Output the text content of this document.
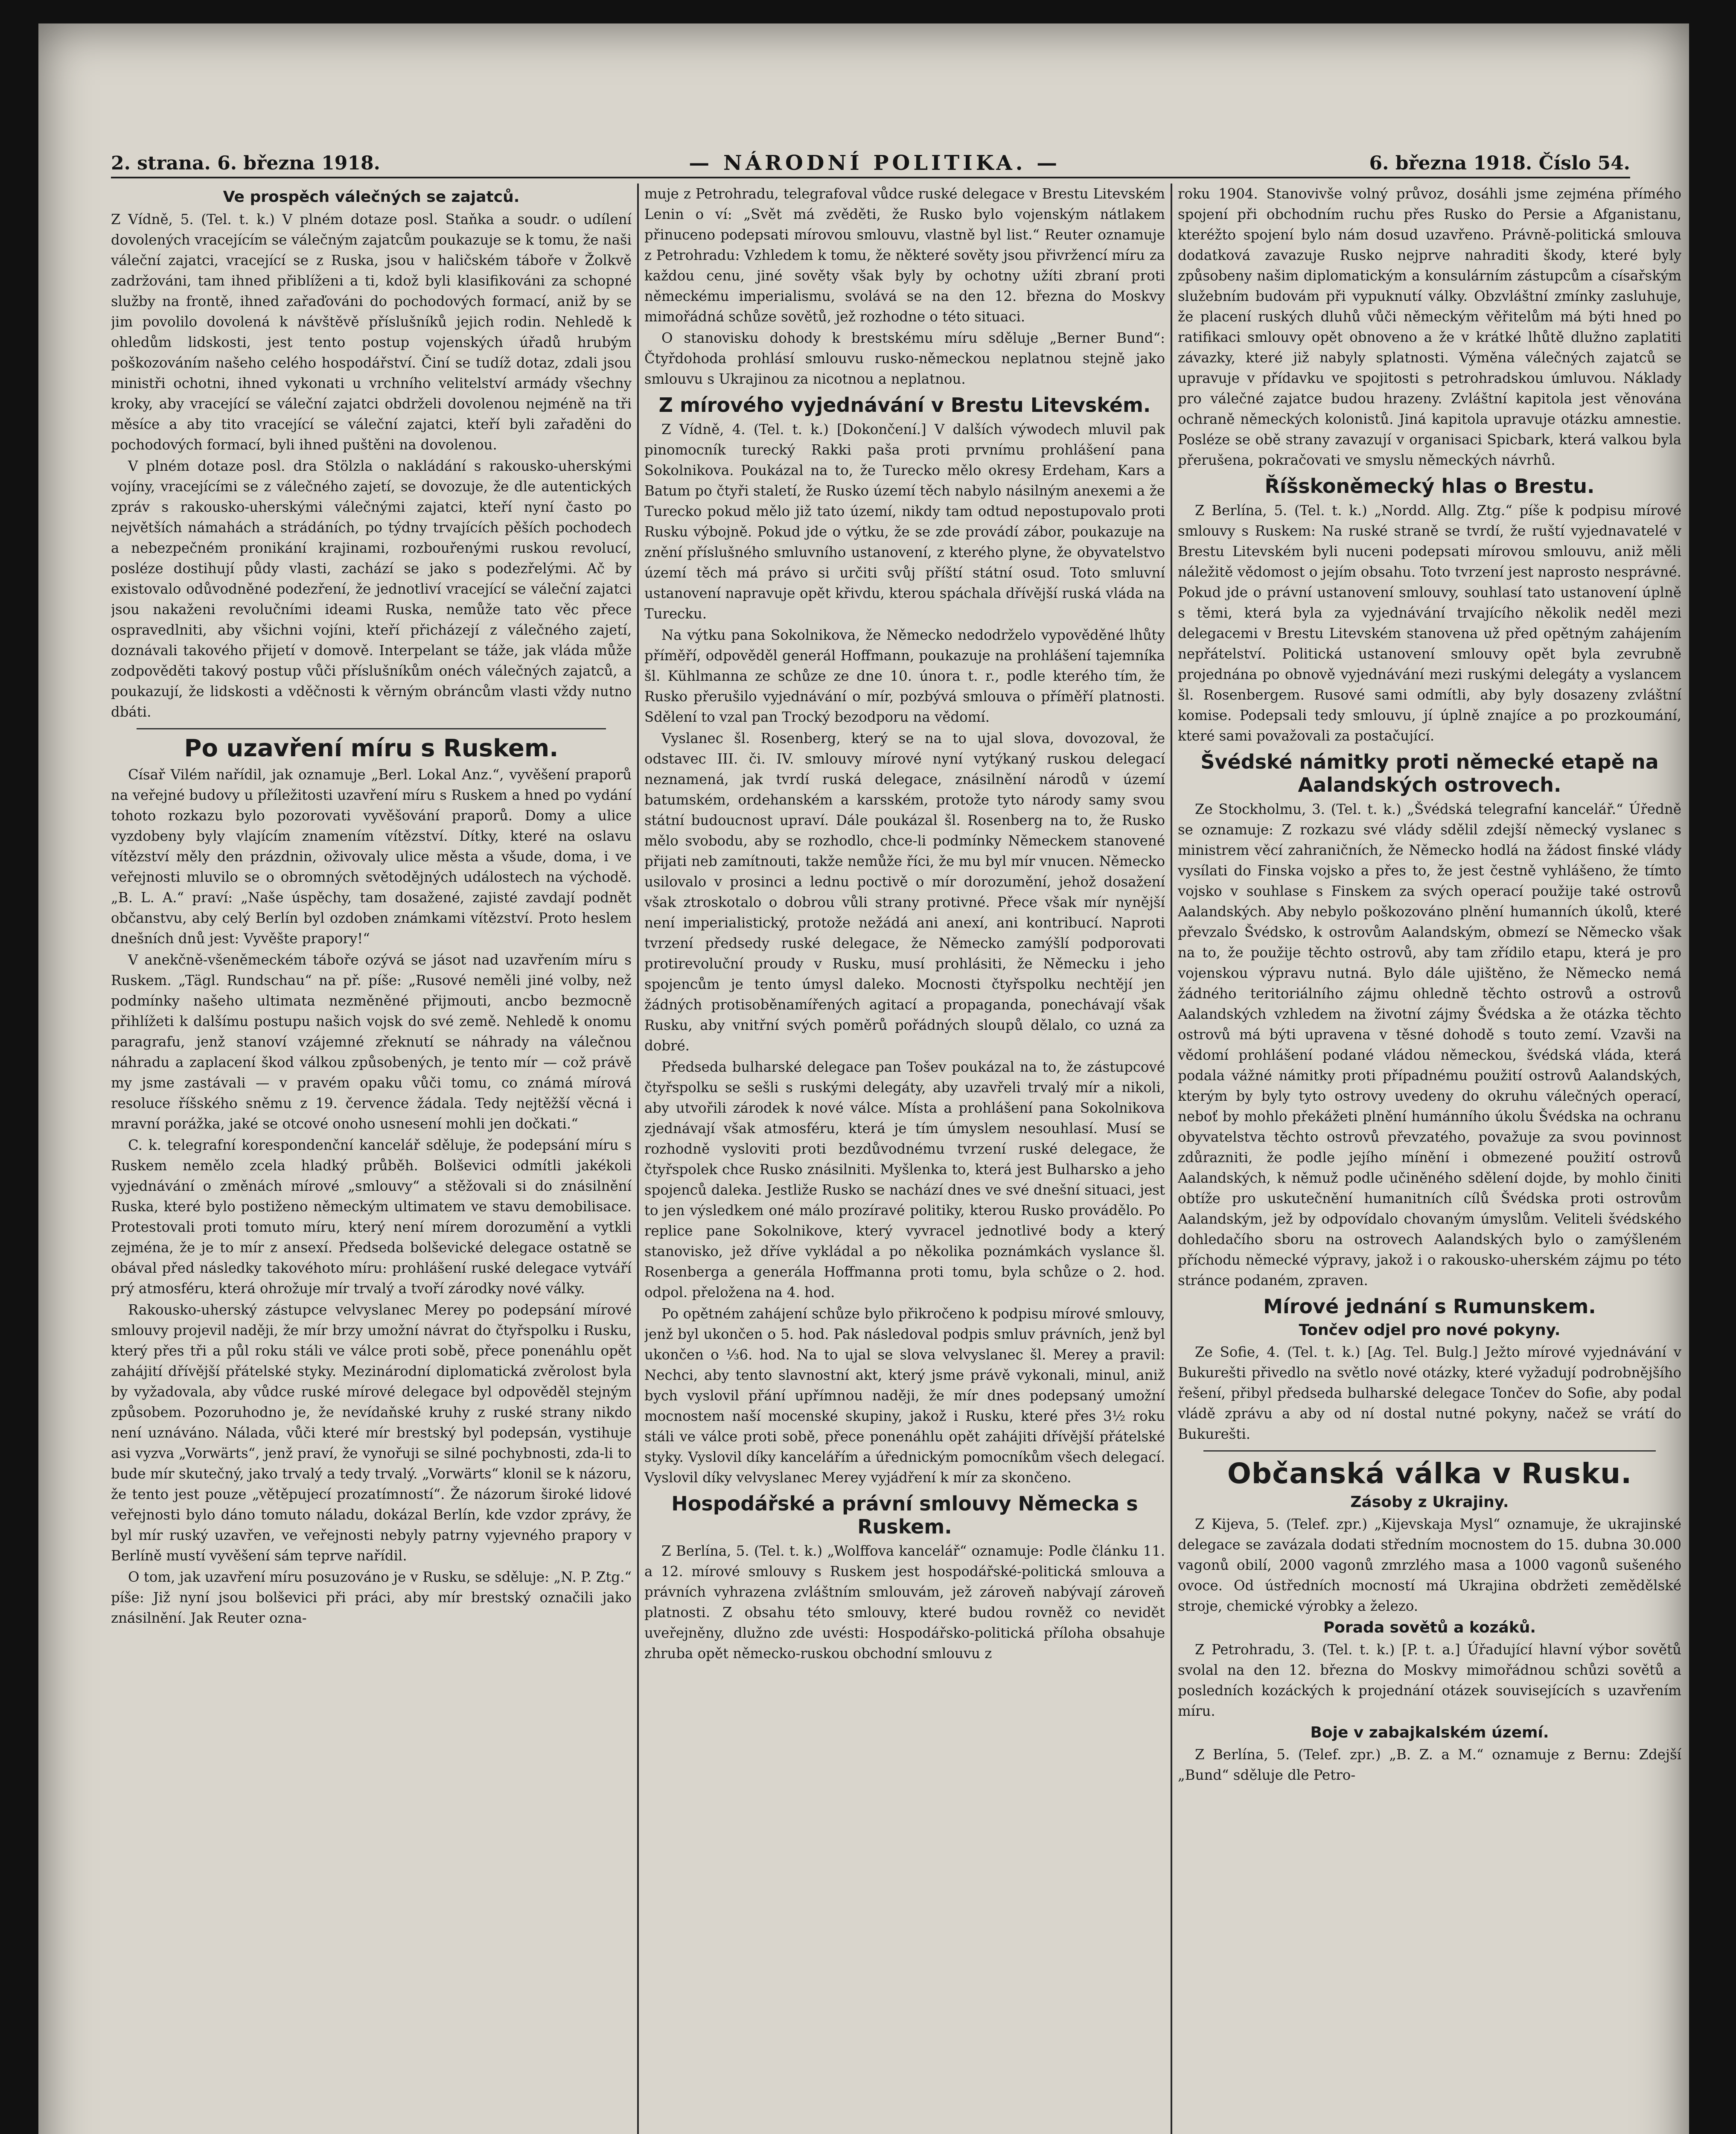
2. strana. 6. března 1918.	— NÁRODNÍ POLITIKA. —	6. března 1918. Číslo 54.
Ve prospěch válečných se zajatců.

Z Vídně, 5. (Tel. t. k.) V plném dotaze posl. Staňka a soudr. o udílení dovolených vracejícím se válečným zajatcům poukazuje se k tomu, že naši váleční zajatci, vracející se z Ruska, jsou v haličském táboře v Žolkvě zadržováni, tam ihned přiblíženi a ti, kdož byli klasifikováni za schopné služby na frontě, ihned zařaďováni do pochodových formací, aniž by se jim povolilo dovolená k návštěvě příslušníků jejich rodin. Nehledě k ohledům lidskosti, jest tento postup vojenských úřadů hrubým poškozováním našeho celého hospodářství. Činí se tudíž dotaz, zdali jsou ministři ochotni, ihned vykonati u vrchního velitelství armády všechny kroky, aby vracející se váleční zajatci obdrželi dovolenou nejméně na tři měsíce a aby tito vracející se váleční zajatci, kteří byli zařaděni do pochodových formací, byli ihned puštěni na dovolenou.

V plném dotaze posl. dra Stölzla o nakládání s rakousko-uherskými vojíny, vracejícími se z válečného zajetí, se dovozuje, že dle autentických zpráv s rakousko-uherskými válečnými zajatci, kteří nyní často po největších námahách a strádáních, po týdny trvajících pěších pochodech a nebezpečném pronikání krajinami, rozbouřenými ruskou revolucí, posléze dostihují půdy vlasti, zachází se jako s podezřelými. Ač by existovalo odůvodněné podezření, že jednotliví vracející se váleční zajatci jsou nakaženi revolučními ideami Ruska, nemůže tato věc přece ospravedlniti, aby všichni vojíni, kteří přicházejí z válečného zajetí, doznávali takového přijetí v domově. Interpelant se táže, jak vláda může zodpověděti takový postup vůči příslušníkům onéch válečných zajatců, a poukazují, že lidskosti a vděčnosti k věrným obráncům vlasti vždy nutno dbáti.

Po uzavření míru s Ruskem.

Císař Vilém nařídil, jak oznamuje „Berl. Lokal Anz.“, vyvěšení praporů na veřejné budovy u příležitosti uzavření míru s Ruskem a hned po vydání tohoto rozkazu bylo pozorovati vyvěšování praporů. Domy a ulice vyzdobeny byly vlajícím znamením vítězství. Dítky, které na oslavu vítězství měly den prázdnin, oživovaly ulice města a všude, doma, i ve veřejnosti mluvilo se o obromných světodějných událostech na východě. „B. L. A.“ praví: „Naše úspěchy, tam dosažené, zajisté zavdají podnět občanstvu, aby celý Berlín byl ozdoben známkami vítězství. Proto heslem dnešních dnů jest: Vyvěšte prapory!“

V anekčně-všeněmeckém táboře ozývá se jásot nad uzavřením míru s Ruskem. „Tägl. Rundschau“ na př. píše: „Rusové neměli jiné volby, než podmínky našeho ultimata nezměněné přijmouti, ancbo bezmocně přihlížeti k dalšímu postupu našich vojsk do své země. Nehledě k onomu paragrafu, jenž stanoví vzájemné zřeknutí se náhrady na válečnou náhradu a zaplacení škod válkou způsobených, je tento mír — což právě my jsme zastávali — v pravém opaku vůči tomu, co známá mírová resoluce říšského sněmu z 19. července žádala. Tedy nejtěžší věcná i mravní porážka, jaké se otcové onoho usnesení mohli jen dočkati.“

C. k. telegrafní korespondenční kancelář sděluje, že podepsání míru s Ruskem nemělo zcela hladký průběh. Bolševici odmítli jakékoli vyjednávání o změnách mírové „smlouvy“ a stěžovali si do znásilnění Ruska, které bylo postiženo německým ultimatem ve stavu demobilisace. Protestovali proti tomuto míru, který není mírem dorozumění a vytkli zejména, že je to mír z ansexí. Předseda bolševické delegace ostatně se obával před následky takovéhoto míru: prohlášení ruské delegace vytváří prý atmosféru, která ohrožuje mír trvalý a tvoří zárodky nové války.

Rakousko-uherský zástupce velvyslanec Merey po podepsání mírové smlouvy projevil naději, že mír brzy umožní návrat do čtyřspolku i Rusku, který přes tři a půl roku stáli ve válce proti sobě, přece ponenáhlu opět zahájití dřívější přátelské styky. Mezinárodní diplomatická zvěrolost byla by vyžadovala, aby vůdce ruské mírové delegace byl odpověděl stejným způsobem. Pozoruhodno je, že nevídaňské kruhy z ruské strany nikdo není uznáváno. Nálada, vůči které mír brestský byl podepsán, vystihuje asi vyzva „Vorwärts“, jenž praví, že vynořuji se silné pochybnosti, zda-li to bude mír skutečný, jako trvalý a tedy trvalý. „Vorwärts“ klonil se k názoru, že tento jest pouze „větěpujecí prozatímností“. Že názorum široké lidové veřejnosti bylo dáno tomuto náladu, dokázal Berlín, kde vzdor zprávy, že byl mír ruský uzavřen, ve veřejnosti nebyly patrny vyjevného prapory v Berlíně mustí vyvěšení sám teprve nařídil.

O tom, jak uzavření míru posuzováno je v Rusku, se sděluje: „N. P. Ztg.“ píše: Již nyní jsou bolševici při práci, aby mír brestský označili jako znásilnění. Jak Reuter ozna-

muje z Petrohradu, telegrafoval vůdce ruské delegace v Brestu Litevském Lenin o ví: „Svět má zvěděti, že Rusko bylo vojenským nátlakem přinuceno podepsati mírovou smlouvu, vlastně byl list.“ Reuter oznamuje z Petrohradu: Vzhledem k tomu, že některé sověty jsou přivržencí míru za každou cenu, jiné sověty však byly by ochotny užíti zbraní proti německému imperialismu, svolává se na den 12. března do Moskvy mimořádná schůze sovětů, jež rozhodne o této situaci.

O stanovisku dohody k brestskému míru sděluje „Berner Bund“: Čtyřdohoda prohlásí smlouvu rusko-německou neplatnou stejně jako smlouvu s Ukrajinou za nicotnou a neplatnou.

Z mírového vyjednávání v Brestu Litevském.

Z Vídně, 4. (Tel. t. k.) [Dokončení.] V dalších výwodech mluvil pak pinomocník turecký Rakki paša proti prvnímu prohlášení pana Sokolnikova. Poukázal na to, že Turecko mělo okresy Erdeham, Kars a Batum po čtyři staletí, že Rusko území těch nabylo násilným anexemi a že Turecko pokud mělo již tato území, nikdy tam odtud nepostupovalo proti Rusku výbojně. Pokud jde o výtku, že se zde provádí zábor, poukazuje na znění příslušného smluvního ustanovení, z kterého plyne, že obyvatelstvo území těch má právo si určiti svůj příští státní osud. Toto smluvní ustanovení napravuje opět křivdu, kterou spáchala dřívější ruská vláda na Turecku.

Na výtku pana Sokolnikova, že Německo nedodrželo vypověděné lhůty příměří, odpověděl generál Hoffmann, poukazuje na prohlášení tajemníka šl. Kühlmanna ze schůze ze dne 10. února t. r., podle kterého tím, že Rusko přerušilo vyjednávání o mír, pozbývá smlouva o příměří platnosti. Sdělení to vzal pan Trocký bezodporu na vědomí.

Vyslanec šl. Rosenberg, který se na to ujal slova, dovozoval, že odstavec III. či. IV. smlouvy mírové nyní vytýkaný ruskou delegací neznamená, jak tvrdí ruská delegace, znásilnění národů v území batumském, ordehanském a karsském, protože tyto národy samy svou státní budoucnost upraví. Dále poukázal šl. Rosenberg na to, že Rusko mělo svobodu, aby se rozhodlo, chce-li podmínky Německem stanovené přijati neb zamítnouti, takže nemůže říci, že mu byl mír vnucen. Německo usilovalo v prosinci a lednu poctivě o mír dorozumění, jehož dosažení však ztroskotalo o dobrou vůli strany protivné. Přece však mír nynější není imperialistický, protože nežádá ani anexí, ani kontribucí. Naproti tvrzení předsedy ruské delegace, že Německo zamýšlí podporovati protirevoluční proudy v Rusku, musí prohlásiti, že Německu i jeho spojencům je tento úmysl daleko. Mocnosti čtyřspolku nechtějí jen žádných protisoběnamířených agitací a propaganda, ponechávají však Rusku, aby vnitřní svých poměrů pořádných sloupů dělalo, co uzná za dobré.

Předseda bulharské delegace pan Tošev poukázal na to, že zástupcové čtyřspolku se sešli s ruskými delegáty, aby uzavřeli trvalý mír a nikoli, aby utvořili zárodek k nové válce. Místa a prohlášení pana Sokolnikova zjednávají však atmosféru, která je tím úmyslem nesouhlasí. Musí se rozhodně vysloviti proti bezdůvodnému tvrzení ruské delegace, že čtyřspolek chce Rusko znásilniti. Myšlenka to, která jest Bulharsko a jeho spojenců daleka. Jestliže Rusko se nachází dnes ve své dnešní situaci, jest to jen výsledkem oné málo prozíravé politiky, kterou Rusko provádělo. Po replice pane Sokolnikove, který vyvracel jednotlivé body a který stanovisko, jež dříve vykládal a po několika poznámkách vyslance šl. Rosenberga a generála Hoffmanna proti tomu, byla schůze o 2. hod. odpol. přeložena na 4. hod.

Po opětném zahájení schůze bylo přikročeno k podpisu mírové smlouvy, jenž byl ukončen o 5. hod. Pak následoval podpis smluv právních, jenž byl ukončen o ⅓6. hod. Na to ujal se slova velvyslanec šl. Merey a pravil: Nechci, aby tento slavnostní akt, který jsme právě vykonali, minul, aniž bych vyslovil přání upřímnou naději, že mír dnes podepsaný umožní mocnostem naší mocenské skupiny, jakož i Rusku, které přes 3½ roku stáli ve válce proti sobě, přece ponenáhlu opět zahájiti dřívější přátelské styky. Vyslovil díky kancelářím a úřednickým pomocníkům všech delegací. Vyslovil díky velvyslanec Merey vyjádření k mír za skončeno.

Hospodářské a právní smlouvy Německa s Ruskem.

Z Berlína, 5. (Tel. t. k.) „Wolffova kancelář“ oznamuje: Podle článku 11. a 12. mírové smlouvy s Ruskem jest hospodářské-politická smlouva a právních vyhrazena zvláštním smlouvám, jež zároveň nabývají zároveň platnosti. Z obsahu této smlouvy, které budou rovněž co nevidět uveřejněny, dlužno zde uvésti: Hospodářsko-politická příloha obsahuje zhruba opět německo-ruskou obchodní smlouvu z

roku 1904. Stanovivše volný průvoz, dosáhli jsme zejména přímého spojení při obchodním ruchu přes Rusko do Persie a Afganistanu, kteréžto spojení bylo nám dosud uzavřeno. Právně-politická smlouva dodatková zavazuje Rusko nejprve nahraditi škody, které byly způsobeny našim diplomatickým a konsulárním zástupcům a císařským služebním budovám při vypuknutí války. Obzvláštní zmínky zasluhuje, že placení ruských dluhů vůči německým věřitelům má býti hned po ratifikaci smlouvy opět obnoveno a že v krátké lhůtě dlužno zaplatiti závazky, které již nabyly splatnosti. Výměna válečných zajatců se upravuje v přídavku ve spojitosti s petrohradskou úmluvou. Náklady pro válečné zajatce budou hrazeny. Zvláštní kapitola jest věnována ochraně německých kolonistů. Jiná kapitola upravuje otázku amnestie. Posléze se obě strany zavazují v organisaci Spicbark, která valkou byla přerušena, pokračovati ve smyslu německých návrhů.

Říšskoněmecký hlas o Brestu.

Z Berlína, 5. (Tel. t. k.) „Nordd. Allg. Ztg.“ píše k podpisu mírové smlouvy s Ruskem: Na ruské straně se tvrdí, že ruští vyjednavatelé v Brestu Litevském byli nuceni podepsati mírovou smlouvu, aniž měli náležitě vědomost o jejím obsahu. Toto tvrzení jest naprosto nesprávné. Pokud jde o právní ustanovení smlouvy, souhlasí tato ustanovení úplně s těmi, která byla za vyjednávání trvajícího několik neděl mezi delegacemi v Brestu Litevském stanovena už před opětným zahájením nepřátelství. Politická ustanovení smlouvy opět byla zevrubně projednána po obnově vyjednávání mezi ruskými delegáty a vyslancem šl. Rosenbergem. Rusové sami odmítli, aby byly dosazeny zvláštní komise. Podepsali tedy smlouvu, jí úplně znajíce a po prozkoumání, které sami považovali za postačující.

Švédské námitky proti německé etapě na Aalandských ostrovech.

Ze Stockholmu, 3. (Tel. t. k.) „Švédská telegrafní kancelář.“ Úředně se oznamuje: Z rozkazu své vlády sdělil zdejší německý vyslanec s ministrem věcí zahraničních, že Německo hodlá na žádost finské vlády vysílati do Finska vojsko a přes to, že jest čestně vyhlášeno, že tímto vojsko v souhlase s Finskem za svých operací použije také ostrovů Aalandských. Aby nebylo poškozováno plnění humanních úkolů, které převzalo Švédsko, k ostrovům Aalandským, obmezí se Německo však na to, že použije těchto ostrovů, aby tam zřídilo etapu, která je pro vojenskou výpravu nutná. Bylo dále ujištěno, že Německo nemá žádného teritoriálního zájmu ohledně těchto ostrovů a ostrovů Aalandských vzhledem na životní zájmy Švédska a že otázka těchto ostrovů má býti upravena v těsné dohodě s touto zemí. Vzavši na vědomí prohlášení podané vládou německou, švédská vláda, která podala vážné námitky proti případnému použití ostrovů Aalandských, kterým by byly tyto ostrovy uvedeny do okruhu válečných operací, neboť by mohlo překážeti plnění humánního úkolu Švédska na ochranu obyvatelstva těchto ostrovů převzatého, považuje za svou povinnost zdůrazniti, že podle jejího mínění i obmezené použití ostrovů Aalandských, k němuž podle učiněného sdělení dojde, by mohlo činiti obtíže pro uskutečnění humanitních cílů Švédska proti ostrovům Aalandským, jež by odpovídalo chovaným úmyslům. Veliteli švédského dohledačího sboru na ostrovech Aalandských bylo o zamýšleném příchodu německé výpravy, jakož i o rakousko-uherském zájmu po této stránce podaném, zpraven.

Mírové jednání s Rumunskem.
Tončev odjel pro nové pokyny.

Ze Sofie, 4. (Tel. t. k.) [Ag. Tel. Bulg.] Ježto mírové vyjednávání v Bukurešti přivedlo na světlo nové otázky, které vyžadují podrobnějšího řešení, přibyl předseda bulharské delegace Tončev do Sofie, aby podal vládě zprávu a aby od ní dostal nutné pokyny, načež se vrátí do Bukurešti.

Občanská válka v Rusku.
Zásoby z Ukrajiny.

Z Kijeva, 5. (Telef. zpr.) „Kijevskaja Mysl“ oznamuje, že ukrajinské delegace se zavázala dodati středním mocnostem do 15. dubna 30.000 vagonů obilí, 2000 vagonů zmrzlého masa a 1000 vagonů sušeného ovoce. Od ústředních mocností má Ukrajina obdržeti zemědělské stroje, chemické výrobky a železo.

Porada sovětů a kozáků.

Z Petrohradu, 3. (Tel. t. k.) [P. t. a.] Úřadující hlavní výbor sovětů svolal na den 12. března do Moskvy mimořádnou schůzi sovětů a posledních kozáckých k projednání otázek souvisejících s uzavřením míru.

Boje v zabajkalském území.

Z Berlína, 5. (Telef. zpr.) „B. Z. a M.“ oznamuje z Bernu: Zdejší „Bund“ sděluje dle Petro-
